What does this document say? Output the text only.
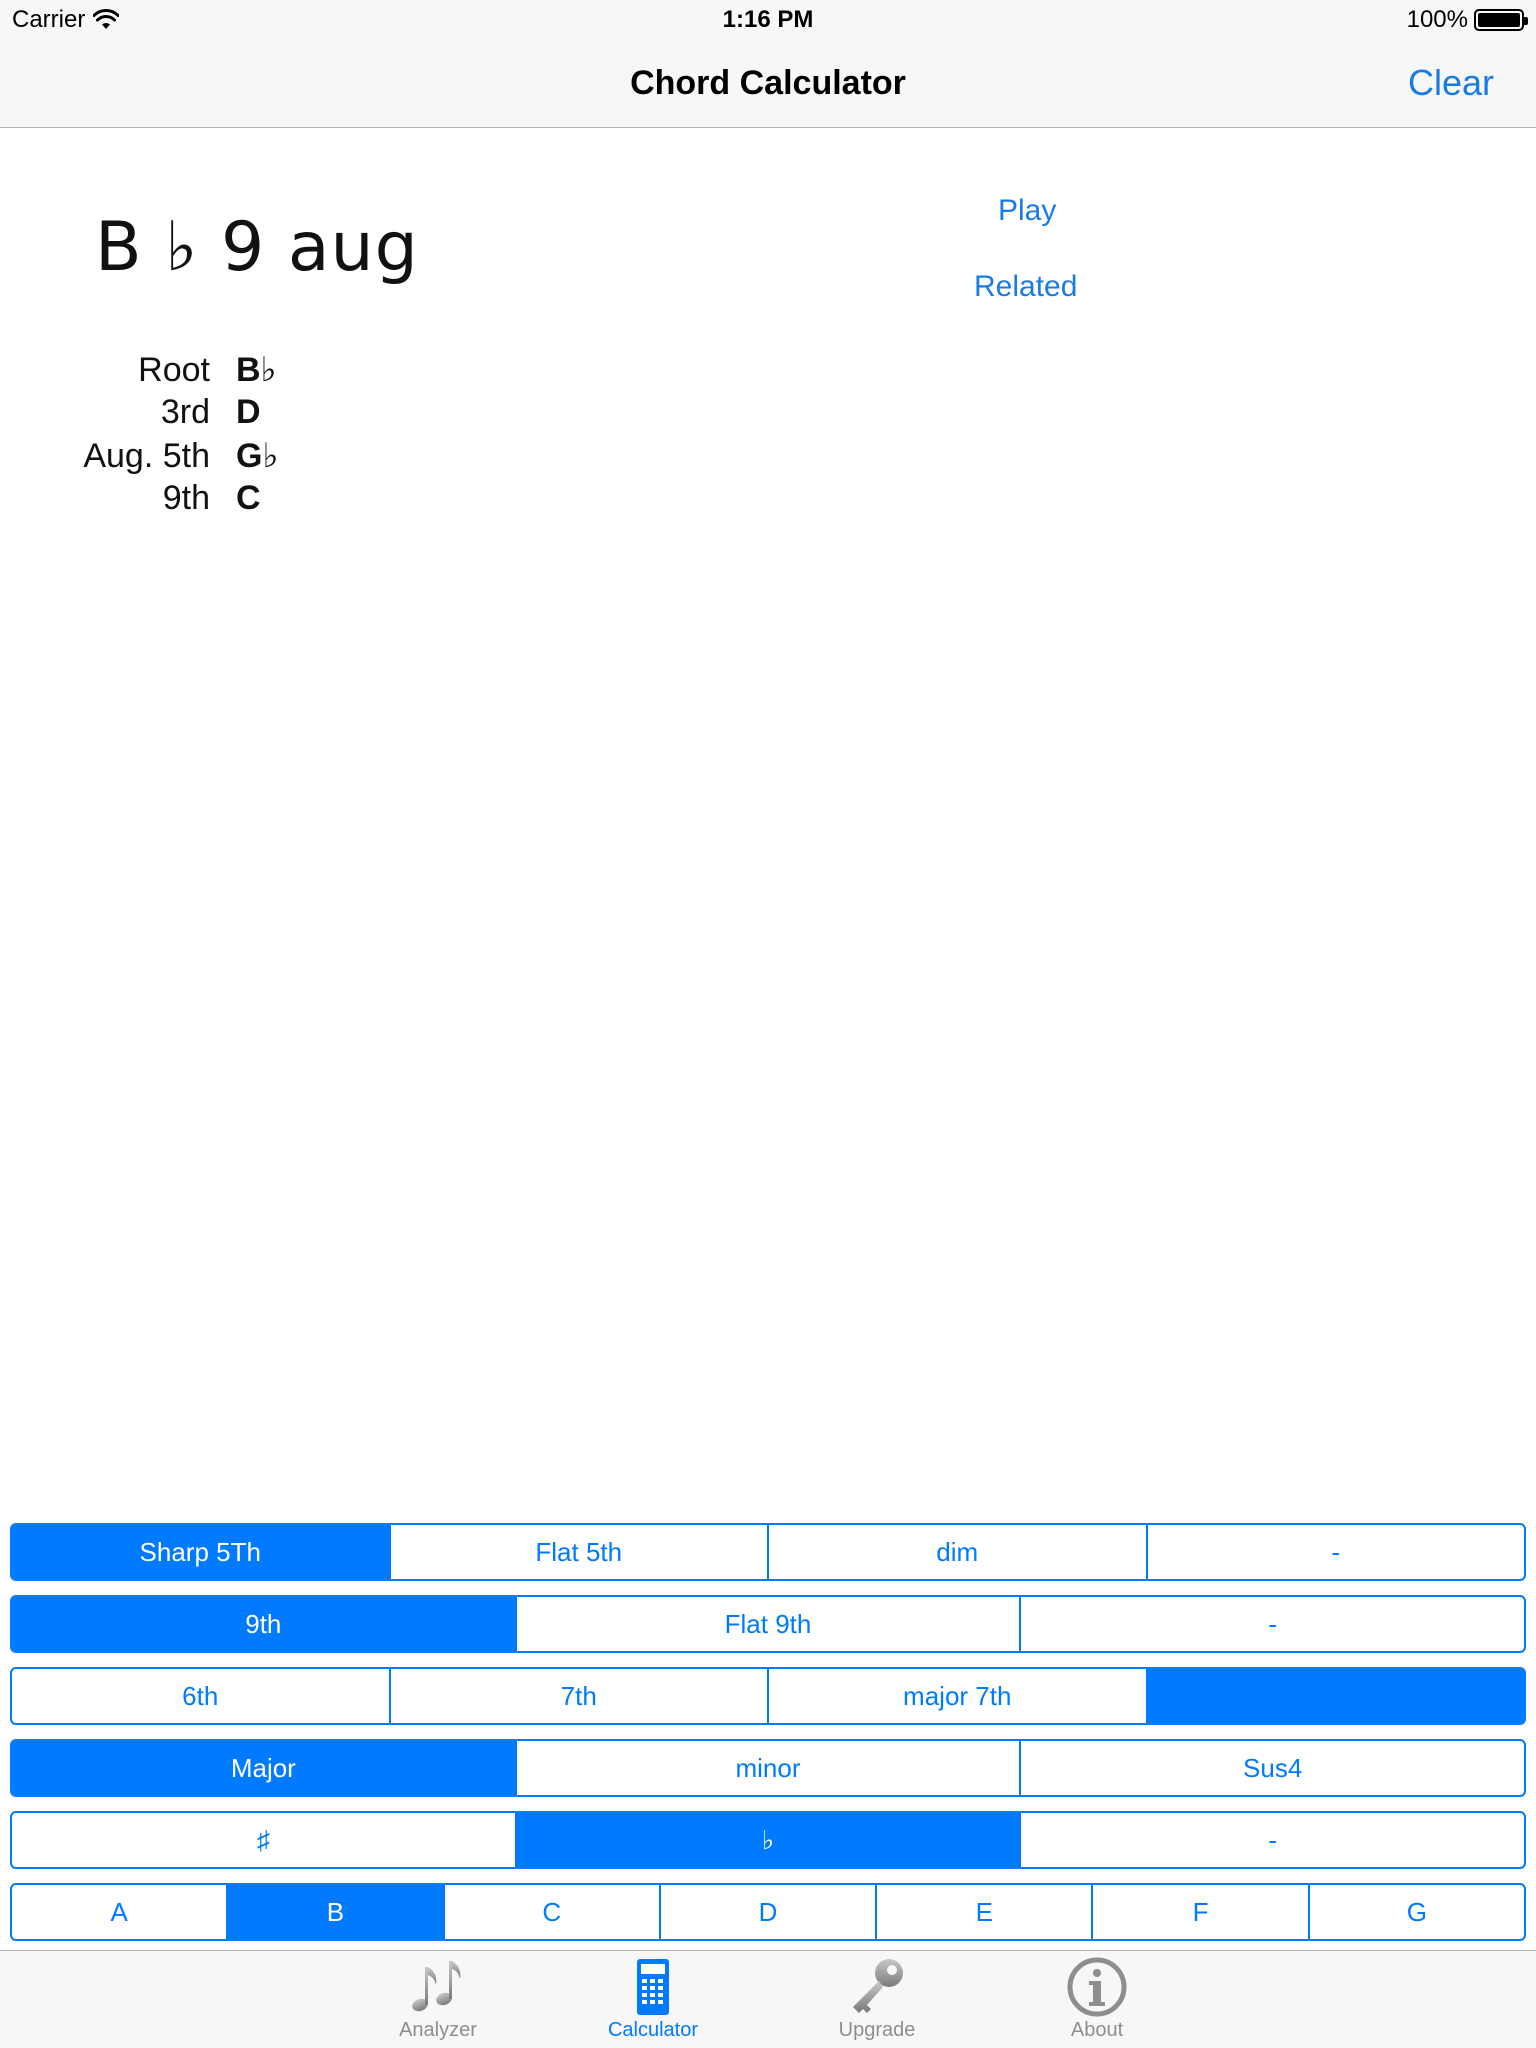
Carrier	1:16 PM	100%
Chord Calculator	Clear
B ♭ 9 aug	Play
Related
Root B♭
3rd D
Aug. 5th G♭
9th C
Sharp 5Th	Flat 5th	dim	-
9th	Flat 9th	-
6th	7th	major 7th
Major	minor	Sus4
♯	♭	-
A	B	C	D	E	F	G
Analyzer	Calculator	Upgrade	About
